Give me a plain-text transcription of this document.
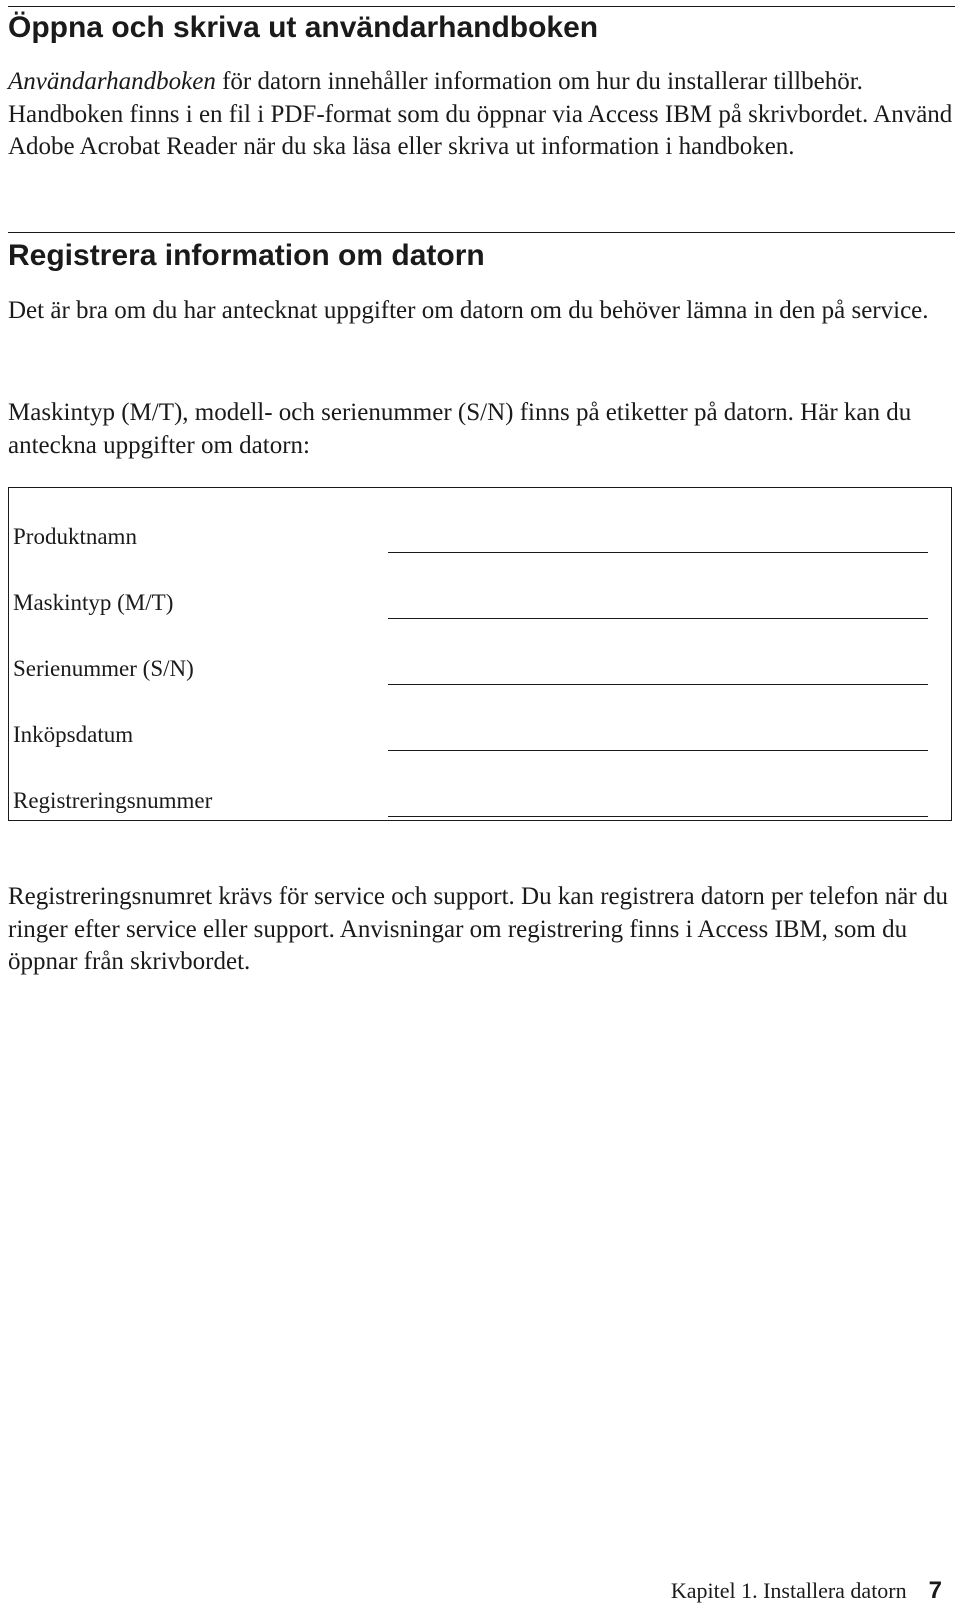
Öppna och skriva ut användarhandboken

Användarhandboken för datorn innehåller information om hur du installerar tillbehör. Handboken finns i en fil i PDF-format som du öppnar via Access IBM på skrivbordet. Använd Adobe Acrobat Reader när du ska läsa eller skriva ut information i handboken.

Registrera information om datorn

Det är bra om du har antecknat uppgifter om datorn om du behöver lämna in den på service.

Maskintyp (M/T), modell- och serienummer (S/N) finns på etiketter på datorn. Här kan du anteckna uppgifter om datorn:

Produktnamn
Maskintyp (M/T)
Serienummer (S/N)
Inköpsdatum
Registreringsnummer

Registreringsnumret krävs för service och support. Du kan registrera datorn per telefon när du ringer efter service eller support. Anvisningar om registrering finns i Access IBM, som du öppnar från skrivbordet.

Kapitel 1. Installera datorn 7
